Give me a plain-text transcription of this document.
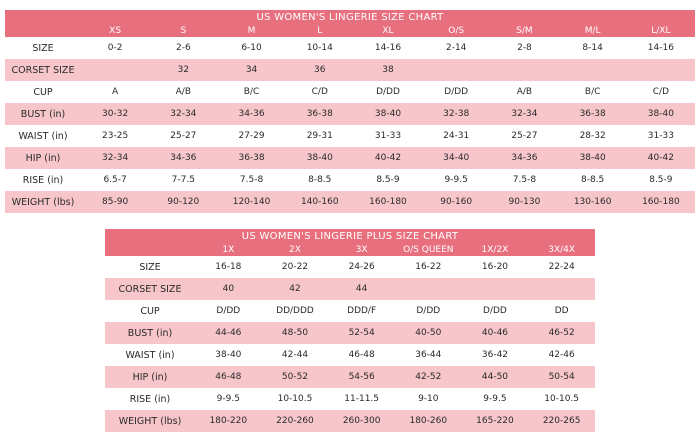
US WOMEN'S LINGERIE SIZE CHART									
	XS	S	M	L	XL	O/S	S/M	M/L	L/XL
SIZE	0-2	2-6	6-10	10-14	14-16	2-14	2-8	8-14	14-16
CORSET SIZE		32	34	36	38				
CUP	A	A/B	B/C	C/D	D/DD	D/DD	A/B	B/C	C/D
BUST (in)	30-32	32-34	34-36	36-38	38-40	32-38	32-34	36-38	38-40
WAIST (in)	23-25	25-27	27-29	29-31	31-33	24-31	25-27	28-32	31-33
HIP (in)	32-34	34-36	36-38	38-40	40-42	34-40	34-36	38-40	40-42
RISE (in)	6.5-7	7-7.5	7.5-8	8-8.5	8.5-9	9-9.5	7.5-8	8-8.5	8.5-9
WEIGHT (lbs)	85-90	90-120	120-140	140-160	160-180	90-160	90-130	130-160	160-180
US WOMEN'S LINGERIE PLUS SIZE CHART						
	1X	2X	3X	O/S QUEEN	1X/2X	3X/4X
SIZE	16-18	20-22	24-26	16-22	16-20	22-24
CORSET SIZE	40	42	44			
CUP	D/DD	DD/DDD	DDD/F	D/DD	D/DD	DD
BUST (in)	44-46	48-50	52-54	40-50	40-46	46-52
WAIST (in)	38-40	42-44	46-48	36-44	36-42	42-46
HIP (in)	46-48	50-52	54-56	42-52	44-50	50-54
RISE (in)	9-9.5	10-10.5	11-11.5	9-10	9-9.5	10-10.5
WEIGHT (lbs)	180-220	220-260	260-300	180-260	165-220	220-265
